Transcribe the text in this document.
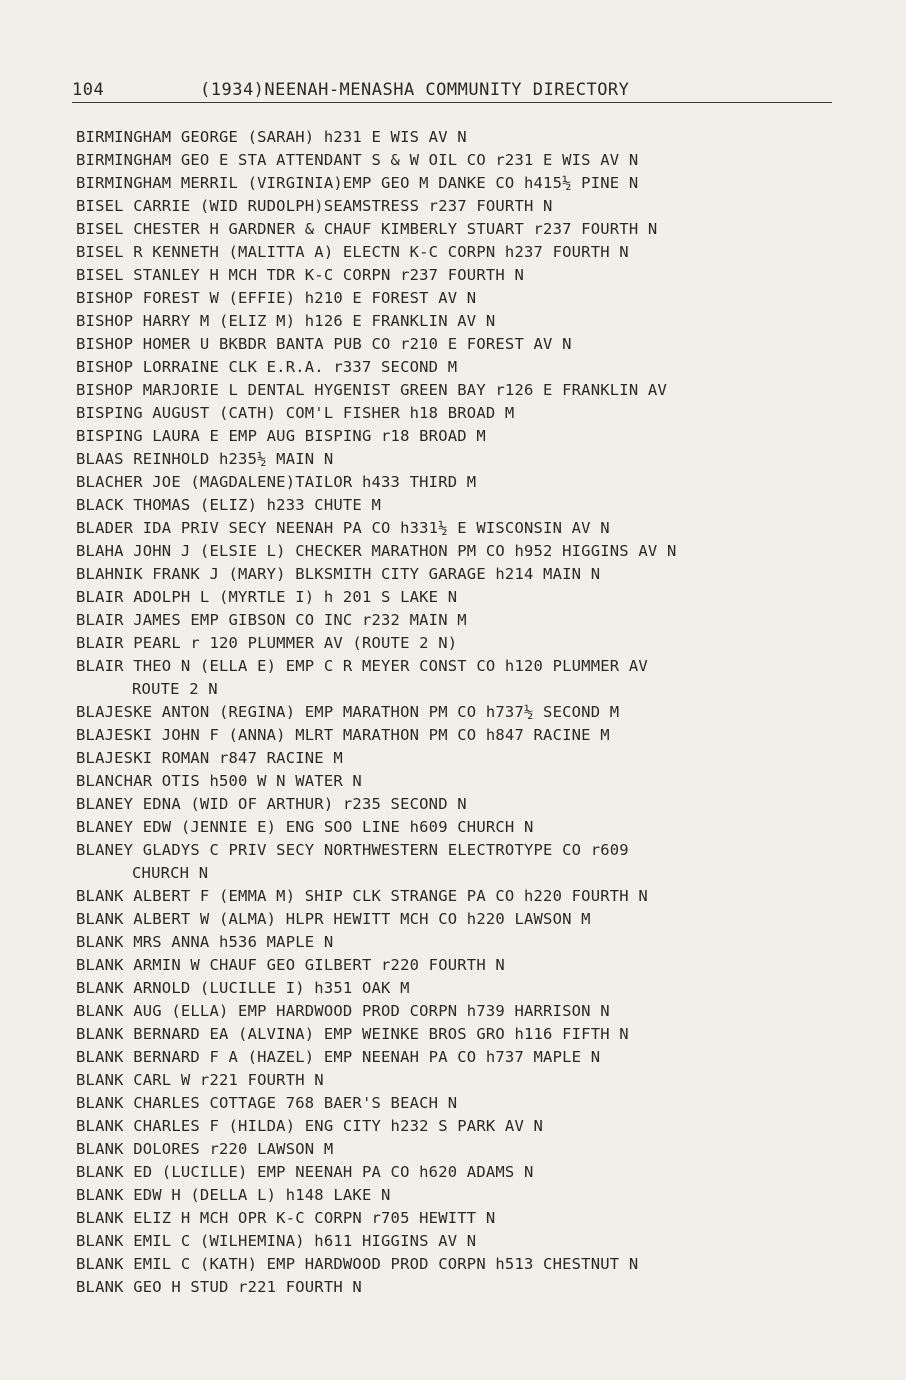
104	(1934)NEENAH-MENASHA COMMUNITY DIRECTORY
BIRMINGHAM GEORGE (SARAH) h231 E WIS AV N
BIRMINGHAM GEO E STA ATTENDANT S & W OIL CO r231 E WIS AV N
BIRMINGHAM MERRIL (VIRGINIA)EMP GEO M DANKE CO h415½ PINE N
BISEL CARRIE (WID RUDOLPH)SEAMSTRESS r237 FOURTH N
BISEL CHESTER H GARDNER & CHAUF KIMBERLY STUART r237 FOURTH N
BISEL R KENNETH (MALITTA A) ELECTN K-C CORPN h237 FOURTH N
BISEL STANLEY H MCH TDR K-C CORPN r237 FOURTH N
BISHOP FOREST W (EFFIE) h210 E FOREST AV N
BISHOP HARRY M (ELIZ M) h126 E FRANKLIN AV N
BISHOP HOMER U BKBDR BANTA PUB CO r210 E FOREST AV N
BISHOP LORRAINE CLK E.R.A. r337 SECOND M
BISHOP MARJORIE L DENTAL HYGENIST GREEN BAY r126 E FRANKLIN AV
BISPING AUGUST (CATH) COM'L FISHER h18 BROAD M
BISPING LAURA E EMP AUG BISPING r18 BROAD M
BLAAS REINHOLD h235½ MAIN N
BLACHER JOE (MAGDALENE)TAILOR h433 THIRD M
BLACK THOMAS (ELIZ) h233 CHUTE M
BLADER IDA PRIV SECY NEENAH PA CO h331½ E WISCONSIN AV N
BLAHA JOHN J (ELSIE L) CHECKER MARATHON PM CO h952 HIGGINS AV N
BLAHNIK FRANK J (MARY) BLKSMITH CITY GARAGE h214 MAIN N
BLAIR ADOLPH L (MYRTLE I) h 201 S LAKE N
BLAIR JAMES EMP GIBSON CO INC r232 MAIN M
BLAIR PEARL r 120 PLUMMER AV (ROUTE 2 N)
BLAIR THEO N (ELLA E) EMP C R MEYER CONST CO h120 PLUMMER AV
ROUTE 2 N
BLAJESKE ANTON (REGINA) EMP MARATHON PM CO h737½ SECOND M
BLAJESKI JOHN F (ANNA) MLRT MARATHON PM CO h847 RACINE M
BLAJESKI ROMAN r847 RACINE M
BLANCHAR OTIS h500 W N WATER N
BLANEY EDNA (WID OF ARTHUR) r235 SECOND N
BLANEY EDW (JENNIE E) ENG SOO LINE h609 CHURCH N
BLANEY GLADYS C PRIV SECY NORTHWESTERN ELECTROTYPE CO r609
CHURCH N
BLANK ALBERT F (EMMA M) SHIP CLK STRANGE PA CO h220 FOURTH N
BLANK ALBERT W (ALMA) HLPR HEWITT MCH CO h220 LAWSON M
BLANK MRS ANNA h536 MAPLE N
BLANK ARMIN W CHAUF GEO GILBERT r220 FOURTH N
BLANK ARNOLD (LUCILLE I) h351 OAK M
BLANK AUG (ELLA) EMP HARDWOOD PROD CORPN h739 HARRISON N
BLANK BERNARD EA (ALVINA) EMP WEINKE BROS GRO h116 FIFTH N
BLANK BERNARD F A (HAZEL) EMP NEENAH PA CO h737 MAPLE N
BLANK CARL W r221 FOURTH N
BLANK CHARLES COTTAGE 768 BAER'S BEACH N
BLANK CHARLES F (HILDA) ENG CITY h232 S PARK AV N
BLANK DOLORES r220 LAWSON M
BLANK ED (LUCILLE) EMP NEENAH PA CO h620 ADAMS N
BLANK EDW H (DELLA L) h148 LAKE N
BLANK ELIZ H MCH OPR K-C CORPN r705 HEWITT N
BLANK EMIL C (WILHEMINA) h611 HIGGINS AV N
BLANK EMIL C (KATH) EMP HARDWOOD PROD CORPN h513 CHESTNUT N
BLANK GEO H STUD r221 FOURTH N
